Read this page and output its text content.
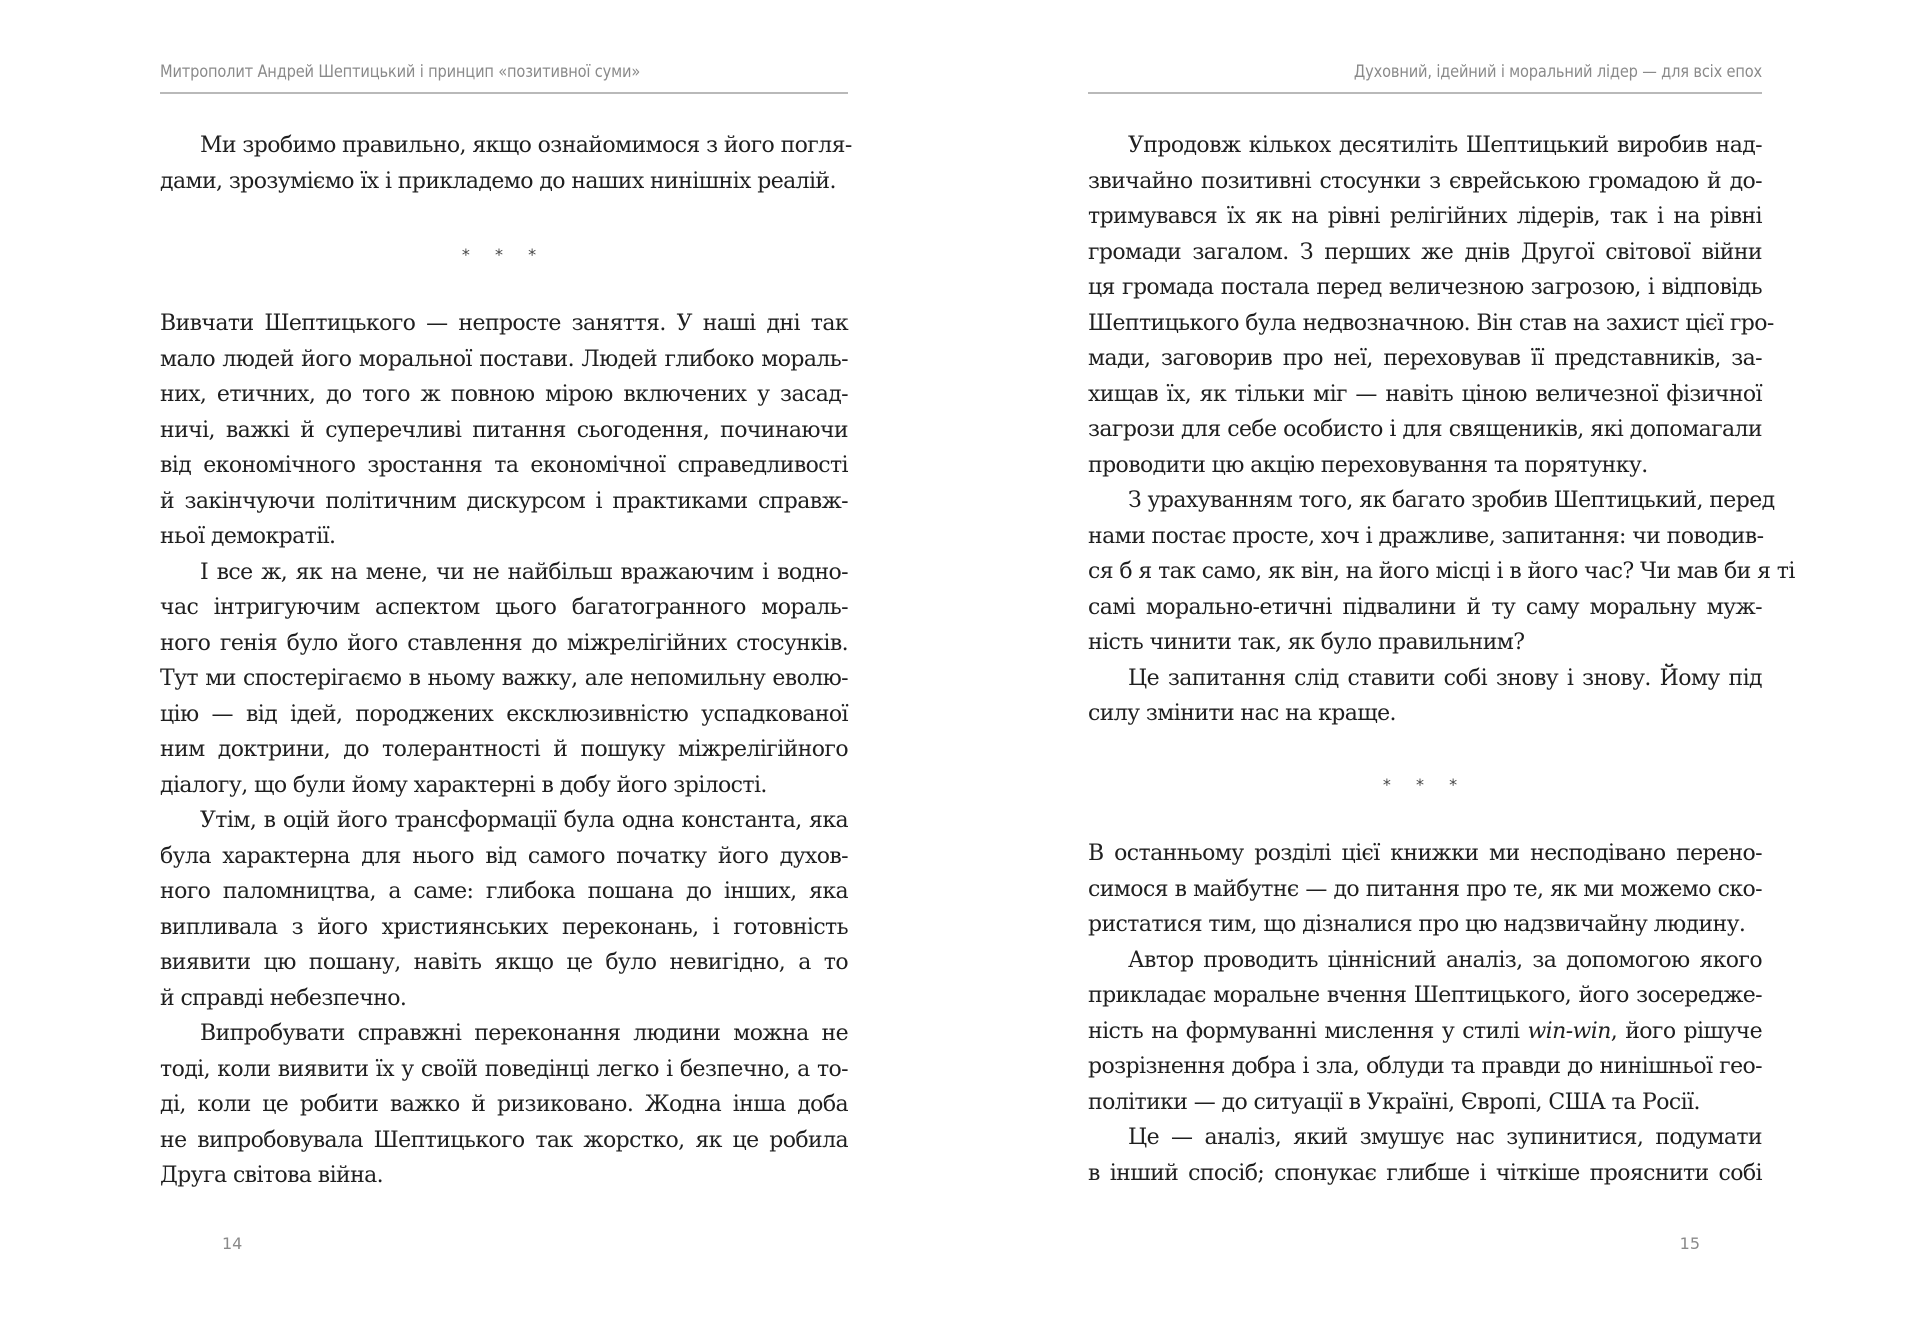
Митрополит Андрей Шептицький і принцип «позитивної суми»
Ми зробимо правильно, якщо ознайомимося з його погля-
дами, зрозуміємо їх і прикладемо до наших нинішніх реалій.
* * *
Вивчати Шептицького — непросте заняття. У наші дні так
мало людей його моральної постави. Людей глибоко мораль-
них, етичних, до того ж повною мірою включених у засад-
ничі, важкі й суперечливі питання сьогодення, починаючи
від економічного зростання та економічної справедливості
й закінчуючи політичним дискурсом і практиками справж-
ньої демократії.
І все ж, як на мене, чи не найбільш вражаючим і водно-
час інтригуючим аспектом цього багатогранного мораль-
ного генія було його ставлення до міжрелігійних стосунків.
Тут ми спостерігаємо в ньому важку, але непомильну еволю-
цію — від ідей, породжених ексклюзивністю успадкованої
ним доктрини, до толерантності й пошуку міжрелігійного
діалогу, що були йому характерні в добу його зрілості.
Утім, в оцій його трансформації була одна константа, яка
була характерна для нього від самого початку його духов-
ного паломництва, а саме: глибока пошана до інших, яка
випливала з його християнських переконань, і готовність
виявити цю пошану, навіть якщо це було невигідно, а то
й справді небезпечно.
Випробувати справжні переконання людини можна не
тоді, коли виявити їх у своїй поведінці легко і безпечно, а то-
ді, коли це робити важко й ризиковано. Жодна інша доба
не випробовувала Шептицького так жорстко, як це робила
Друга світова війна.
14
Духовний, ідейний і моральний лідер — для всіх епох
Упродовж кількох десятиліть Шептицький виробив над-
звичайно позитивні стосунки з єврейською громадою й до-
тримувався їх як на рівні релігійних лідерів, так і на рівні
громади загалом. З перших же днів Другої світової війни
ця громада постала перед величезною загрозою, і відповідь
Шептицького була недвозначною. Він став на захист цієї гро-
мади, заговорив про неї, переховував її представників, за-
хищав їх, як тільки міг — навіть ціною величезної фізичної
загрози для себе особисто і для священиків, які допомагали
проводити цю акцію переховування та порятунку.
З урахуванням того, як багато зробив Шептицький, перед
нами постає просте, хоч і дражливе, запитання: чи поводив-
ся б я так само, як він, на його місці і в його час? Чи мав би я ті
самі морально-етичні підвалини й ту саму моральну муж-
ність чинити так, як було правильним?
Це запитання слід ставити собі знову і знову. Йому під
силу змінити нас на краще.
* * *
В останньому розділі цієї книжки ми несподівано перено-
симося в майбутнє — до питання про те, як ми можемо ско-
ристатися тим, що дізналися про цю надзвичайну людину.
Автор проводить ціннісний аналіз, за допомогою якого
прикладає моральне вчення Шептицького, його зосередже-
ність на формуванні мислення у стилі win-win, його рішуче
розрізнення добра і зла, облуди та правди до нинішньої гео-
політики — до ситуації в Україні, Європі, США та Росії.
Це — аналіз, який змушує нас зупинитися, подумати
в інший спосіб; спонукає глибше і чіткіше прояснити собі
15
